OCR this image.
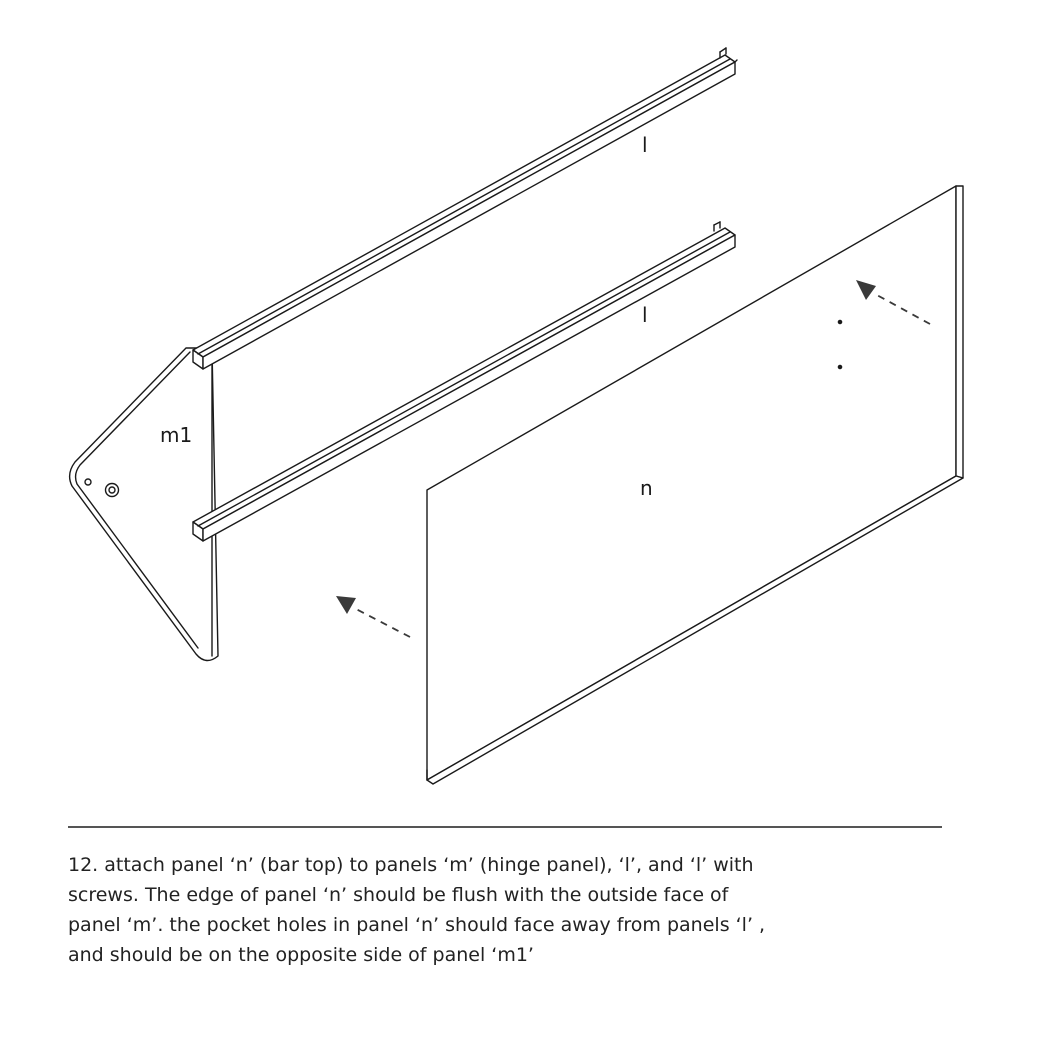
l
l
m1
n

12. attach panel ‘n’ (bar top) to panels ‘m’ (hinge panel), ‘l’, and ‘l’ with
screws. The edge of panel ‘n’ should be flush with the outside face of
panel ‘m’. the pocket holes in panel ‘n’ should face away from panels ‘l’ ,
and should be on the opposite side of panel ‘m1’
